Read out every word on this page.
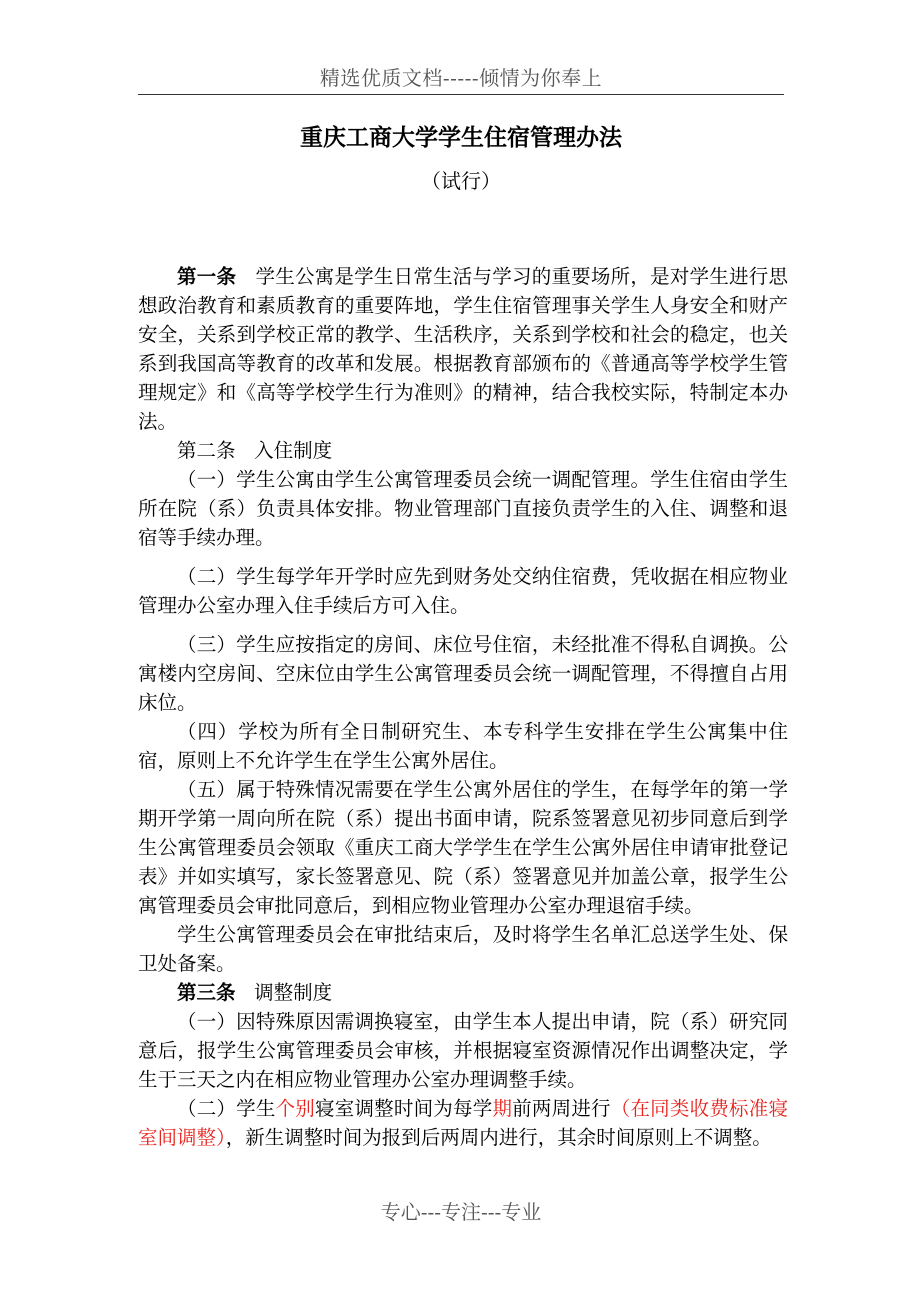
精选优质文档-----倾情为你奉上
重庆工商大学学生住宿管理办法
（试行）

第一条 学生公寓是学生日常生活与学习的重要场所，是对学生进行思想政治教育和素质教育的重要阵地，学生住宿管理事关学生人身安全和财产安全，关系到学校正常的教学、生活秩序，关系到学校和社会的稳定，也关系到我国高等教育的改革和发展。根据教育部颁布的《普通高等学校学生管理规定》和《高等学校学生行为准则》的精神，结合我校实际，特制定本办法。

第二条 入住制度

（一）学生公寓由学生公寓管理委员会统一调配管理。学生住宿由学生所在院（系）负责具体安排。物业管理部门直接负责学生的入住、调整和退宿等手续办理。

（二）学生每学年开学时应先到财务处交纳住宿费，凭收据在相应物业管理办公室办理入住手续后方可入住。

（三）学生应按指定的房间、床位号住宿，未经批准不得私自调换。公寓楼内空房间、空床位由学生公寓管理委员会统一调配管理，不得擅自占用床位。

（四）学校为所有全日制研究生、本专科学生安排在学生公寓集中住宿，原则上不允许学生在学生公寓外居住。

（五）属于特殊情况需要在学生公寓外居住的学生，在每学年的第一学期开学第一周向所在院（系）提出书面申请，院系签署意见初步同意后到学生公寓管理委员会领取《重庆工商大学学生在学生公寓外居住申请审批登记表》并如实填写，家长签署意见、院（系）签署意见并加盖公章，报学生公寓管理委员会审批同意后，到相应物业管理办公室办理退宿手续。

学生公寓管理委员会在审批结束后，及时将学生名单汇总送学生处、保卫处备案。

第三条 调整制度

（一）因特殊原因需调换寝室，由学生本人提出申请，院（系）研究同意后，报学生公寓管理委员会审核，并根据寝室资源情况作出调整决定，学生于三天之内在相应物业管理办公室办理调整手续。

（二）学生个别寝室调整时间为每学期前两周进行（在同类收费标准寝室间调整），新生调整时间为报到后两周内进行，其余时间原则上不调整。

专心---专注---专业
